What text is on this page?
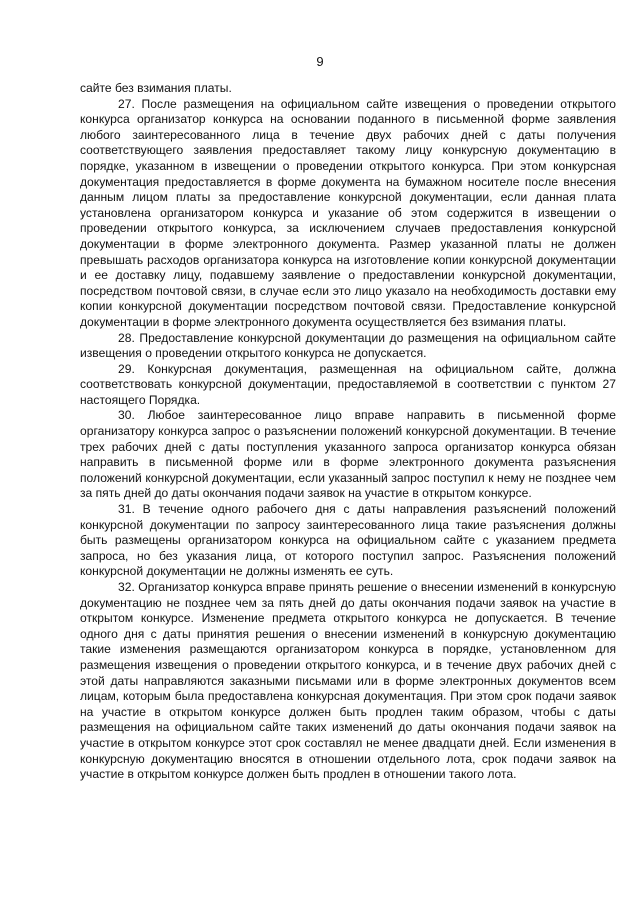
9

сайте без взимания платы.

27. После размещения на официальном сайте извещения о проведении открытого конкурса организатор конкурса на основании поданного в письменной форме заявления любого заинтересованного лица в течение двух рабочих дней с даты получения соответствующего заявления предоставляет такому лицу конкурсную документацию в порядке, указанном в извещении о проведении открытого конкурса. При этом конкурсная документация предоставляется в форме документа на бумажном носителе после внесения данным лицом платы за предоставление конкурсной документации, если данная плата установлена организатором конкурса и указание об этом содержится в извещении о проведении открытого конкурса, за исключением случаев предоставления конкурсной документации в форме электронного документа. Размер указанной платы не должен превышать расходов организатора конкурса на изготовление копии конкурсной документации и ее доставку лицу, подавшему заявление о предоставлении конкурсной документации, посредством почтовой связи, в случае если это лицо указало на необходимость доставки ему копии конкурсной документации посредством почтовой связи. Предоставление конкурсной документации в форме электронного документа осуществляется без взимания платы.

28. Предоставление конкурсной документации до размещения на официальном сайте извещения о проведении открытого конкурса не допускается.

29. Конкурсная документация, размещенная на официальном сайте, должна соответствовать конкурсной документации, предоставляемой в соответствии с пунктом 27 настоящего Порядка.

30. Любое заинтересованное лицо вправе направить в письменной форме организатору конкурса запрос о разъяснении положений конкурсной документации. В течение трех рабочих дней с даты поступления указанного запроса организатор конкурса обязан направить в письменной форме или в форме электронного документа разъяснения положений конкурсной документации, если указанный запрос поступил к нему не позднее чем за пять дней до даты окончания подачи заявок на участие в открытом конкурсе.

31. В течение одного рабочего дня с даты направления разъяснений положений конкурсной документации по запросу заинтересованного лица такие разъяснения должны быть размещены организатором конкурса на официальном сайте с указанием предмета запроса, но без указания лица, от которого поступил запрос. Разъяснения положений конкурсной документации не должны изменять ее суть.

32. Организатор конкурса вправе принять решение о внесении изменений в конкурсную документацию не позднее чем за пять дней до даты окончания подачи заявок на участие в открытом конкурсе. Изменение предмета открытого конкурса не допускается. В течение одного дня с даты принятия решения о внесении изменений в конкурсную документацию такие изменения размещаются организатором конкурса в порядке, установленном для размещения извещения о проведении открытого конкурса, и в течение двух рабочих дней с этой даты направляются заказными письмами или в форме электронных документов всем лицам, которым была предоставлена конкурсная документация. При этом срок подачи заявок на участие в открытом конкурсе должен быть продлен таким образом, чтобы с даты размещения на официальном сайте таких изменений до даты окончания подачи заявок на участие в открытом конкурсе этот срок составлял не менее двадцати дней. Если изменения в конкурсную документацию вносятся в отношении отдельного лота, срок подачи заявок на участие в открытом конкурсе должен быть продлен в отношении такого лота.
